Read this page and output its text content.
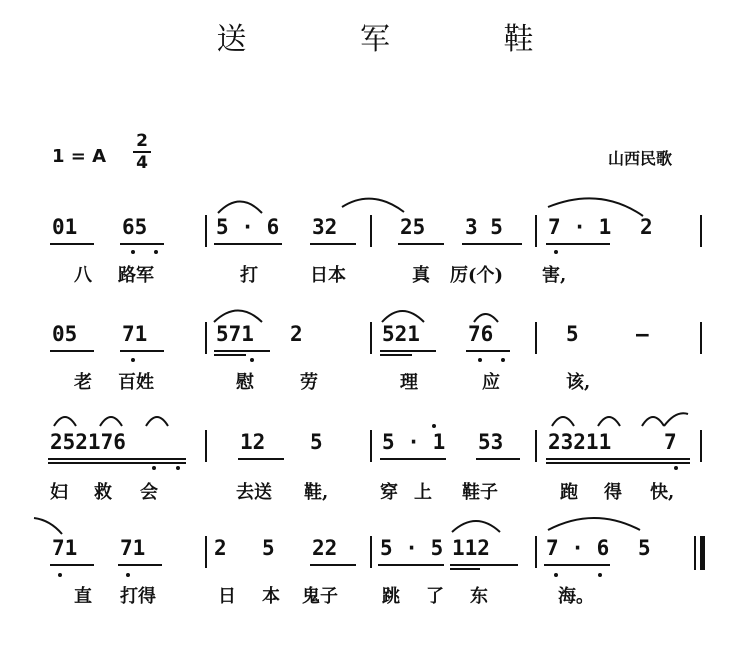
送 军 鞋
1 = A
2
4	山西民歌
01 65	5 · 6 32	25 3 5 7 · 1 2
八 路军	打	日本	真 厉(个) 害,
05 71	571 2	521 76	5	–
老 百姓	慰	劳	理	应	该,
252176	12 5	5 · 1 53 23211	7
妇 救 会	去送 鞋,	穿 上 鞋子	跑 得 快,
71 71	2 5 22 5 · 5 112	7 · 6 5
直 打得	日 本 鬼子 跳 了 东	海。
